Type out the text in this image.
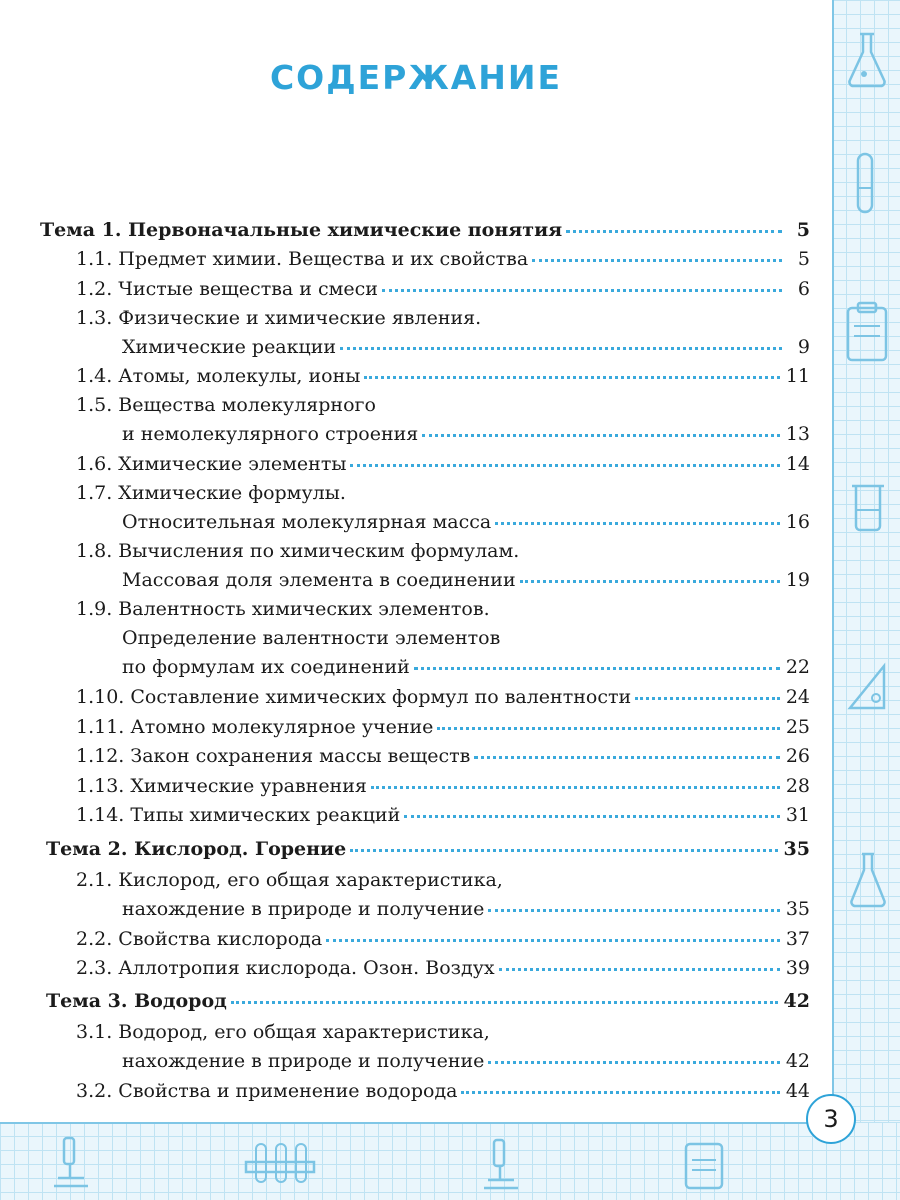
СОДЕРЖАНИЕ
Тема 1. Первоначальные химические понятия	5
1.1. Предмет химии. Вещества и их свойства	5
1.2. Чистые вещества и смеси	6
1.3. Физические и химические явления.
Химические реакции	9
1.4. Атомы, молекулы, ионы	11
1.5. Вещества молекулярного
и немолекулярного строения	13
1.6. Химические элементы	14
1.7. Химические формулы.
Относительная молекулярная масса	16
1.8. Вычисления по химическим формулам.
Массовая доля элемента в соединении	19
1.9. Валентность химических элементов.
Определение валентности элементов
по формулам их соединений	22
1.10. Составление химических формул по валентности	24
1.11. Атомно молекулярное учение	25
1.12. Закон сохранения массы веществ	26
1.13. Химические уравнения	28
1.14. Типы химических реакций	31
Тема 2. Кислород. Горение	35
2.1. Кислород, его общая характеристика,
нахождение в природе и получение	35
2.2. Свойства кислорода	37
2.3. Аллотропия кислорода. Озон. Воздух	39
Тема 3. Водород	42
3.1. Водород, его общая характеристика,
нахождение в природе и получение	42
3.2. Свойства и применение водорода	44
3
